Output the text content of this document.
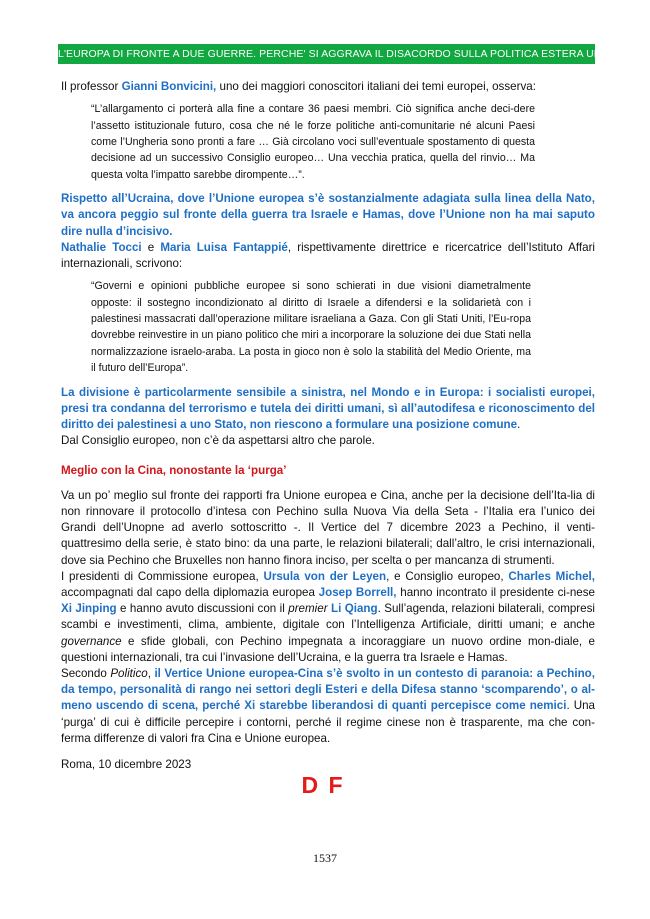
L'EUROPA DI FRONTE A DUE GUERRE. PERCHE' SI AGGRAVA IL DISACORDO SULLA POLITICA ESTERA UE

Il professor Gianni Bonvicini, uno dei maggiori conoscitori italiani dei temi europei, osserva:

“L’allargamento ci porterà alla fine a contare 36 paesi membri. Ciò significa anche deci-dere l’assetto istituzionale futuro, cosa che né le forze politiche anti-comunitarie né alcuni Paesi come l’Ungheria sono pronti a fare … Già circolano voci sull’eventuale spostamento di questa decisione ad un successivo Consiglio europeo… Una vecchia pratica, quella del rinvio… Ma questa volta l’impatto sarebbe dirompente…”.

Rispetto all’Ucraina, dove l’Unione europea s’è sostanzialmente adagiata sulla linea della Nato, va ancora peggio sul fronte della guerra tra Israele e Hamas, dove l’Unione non ha mai saputo dire nulla d’incisivo.

Nathalie Tocci e Maria Luisa Fantappié, rispettivamente direttrice e ricercatrice dell’Istituto Affari internazionali, scrivono:

“Governi e opinioni pubbliche europee si sono schierati in due visioni diametralmente opposte: il sostegno incondizionato al diritto di Israele a difendersi e la solidarietà con i palestinesi massacrati dall’operazione militare israeliana a Gaza. Con gli Stati Uniti, l’Eu-ropa dovrebbe reinvestire in un piano politico che miri a incorporare la soluzione dei due Stati nella normalizzazione israelo-araba. La posta in gioco non è solo la stabilità del Medio Oriente, ma il futuro dell’Europa”.

La divisione è particolarmente sensibile a sinistra, nel Mondo e in Europa: i socialisti europei, presi tra condanna del terrorismo e tutela dei diritti umani, sì all’autodifesa e riconoscimento del diritto dei palestinesi a uno Stato, non riescono a formulare una posizione comune.

Dal Consiglio europeo, non c’è da aspettarsi altro che parole.

Meglio con la Cina, nonostante la ‘purga’

Va un po’ meglio sul fronte dei rapporti fra Unione europea e Cina, anche per la decisione dell’Ita-lia di non rinnovare il protocollo d’intesa con Pechino sulla Nuova Via della Seta - l’Italia era l’unico dei Grandi dell’Unopne ad averlo sottoscritto -. Il Vertice del 7 dicembre 2023 a Pechino, il venti-quattresimo della serie, è stato bino: da una parte, le relazioni bilaterali; dall’altro, le crisi internazionali, dove sia Pechino che Bruxelles non hanno finora inciso, per scelta o per mancanza di strumenti.

I presidenti di Commissione europea, Ursula von der Leyen, e Consiglio europeo, Charles Michel, accompagnati dal capo della diplomazia europea Josep Borrell, hanno incontrato il presidente ci-nese Xi Jinping e hanno avuto discussioni con il premier Li Qiang. Sull’agenda, relazioni bilaterali, compresi scambi e investimenti, clima, ambiente, digitale con l’Intelligenza Artificiale, diritti umani; e anche governance e sfide globali, con Pechino impegnata a incoraggiare un nuovo ordine mon-diale, e questioni internazionali, tra cui l’invasione dell’Ucraina, e la guerra tra Israele e Hamas.

Secondo Politico, il Vertice Unione europea-Cina s’è svolto in un contesto di paranoia: a Pechino, da tempo, personalità di rango nei settori degli Esteri e della Difesa stanno ‘scomparendo’, o al-meno uscendo di scena, perché Xi starebbe liberandosi di quanti percepisce come nemici. Una ‘purga’ di cui è difficile percepire i contorni, perché il regime cinese non è trasparente, ma che con-ferma differenze di valori fra Cina e Unione europea.

Roma, 10 dicembre 2023

D F
1537
